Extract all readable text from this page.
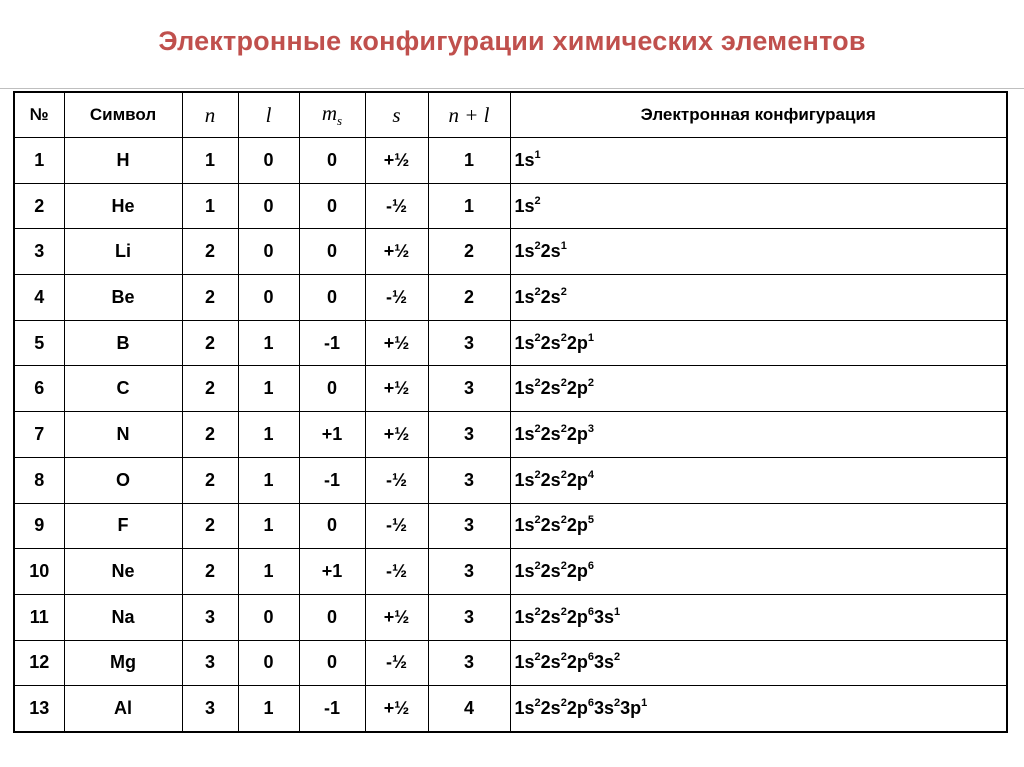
Электронные конфигурации химических элементов
№	Символ	n	l	$m_s$	s	n + l	Электронная конфигурация
1	H	1	0	0	+½	1	$1s^1$
2	He	1	0	0	-½	1	$1s^2$
3	Li	2	0	0	+½	2	$1s^22s^1$
4	Be	2	0	0	-½	2	$1s^22s^2$
5	B	2	1	-1	+½	3	$1s^22s^22p^1$
6	C	2	1	0	+½	3	$1s^22s^22p^2$
7	N	2	1	+1	+½	3	$1s^22s^22p^3$
8	O	2	1	-1	-½	3	$1s^22s^22p^4$
9	F	2	1	0	-½	3	$1s^22s^22p^5$
10	Ne	2	1	+1	-½	3	$1s^22s^22p^6$
11	Na	3	0	0	+½	3	$1s^22s^22p^63s^1$
12	Mg	3	0	0	-½	3	$1s^22s^22p^63s^2$
13	Al	3	1	-1	+½	4	$1s^22s^22p^63s^23p^1$
